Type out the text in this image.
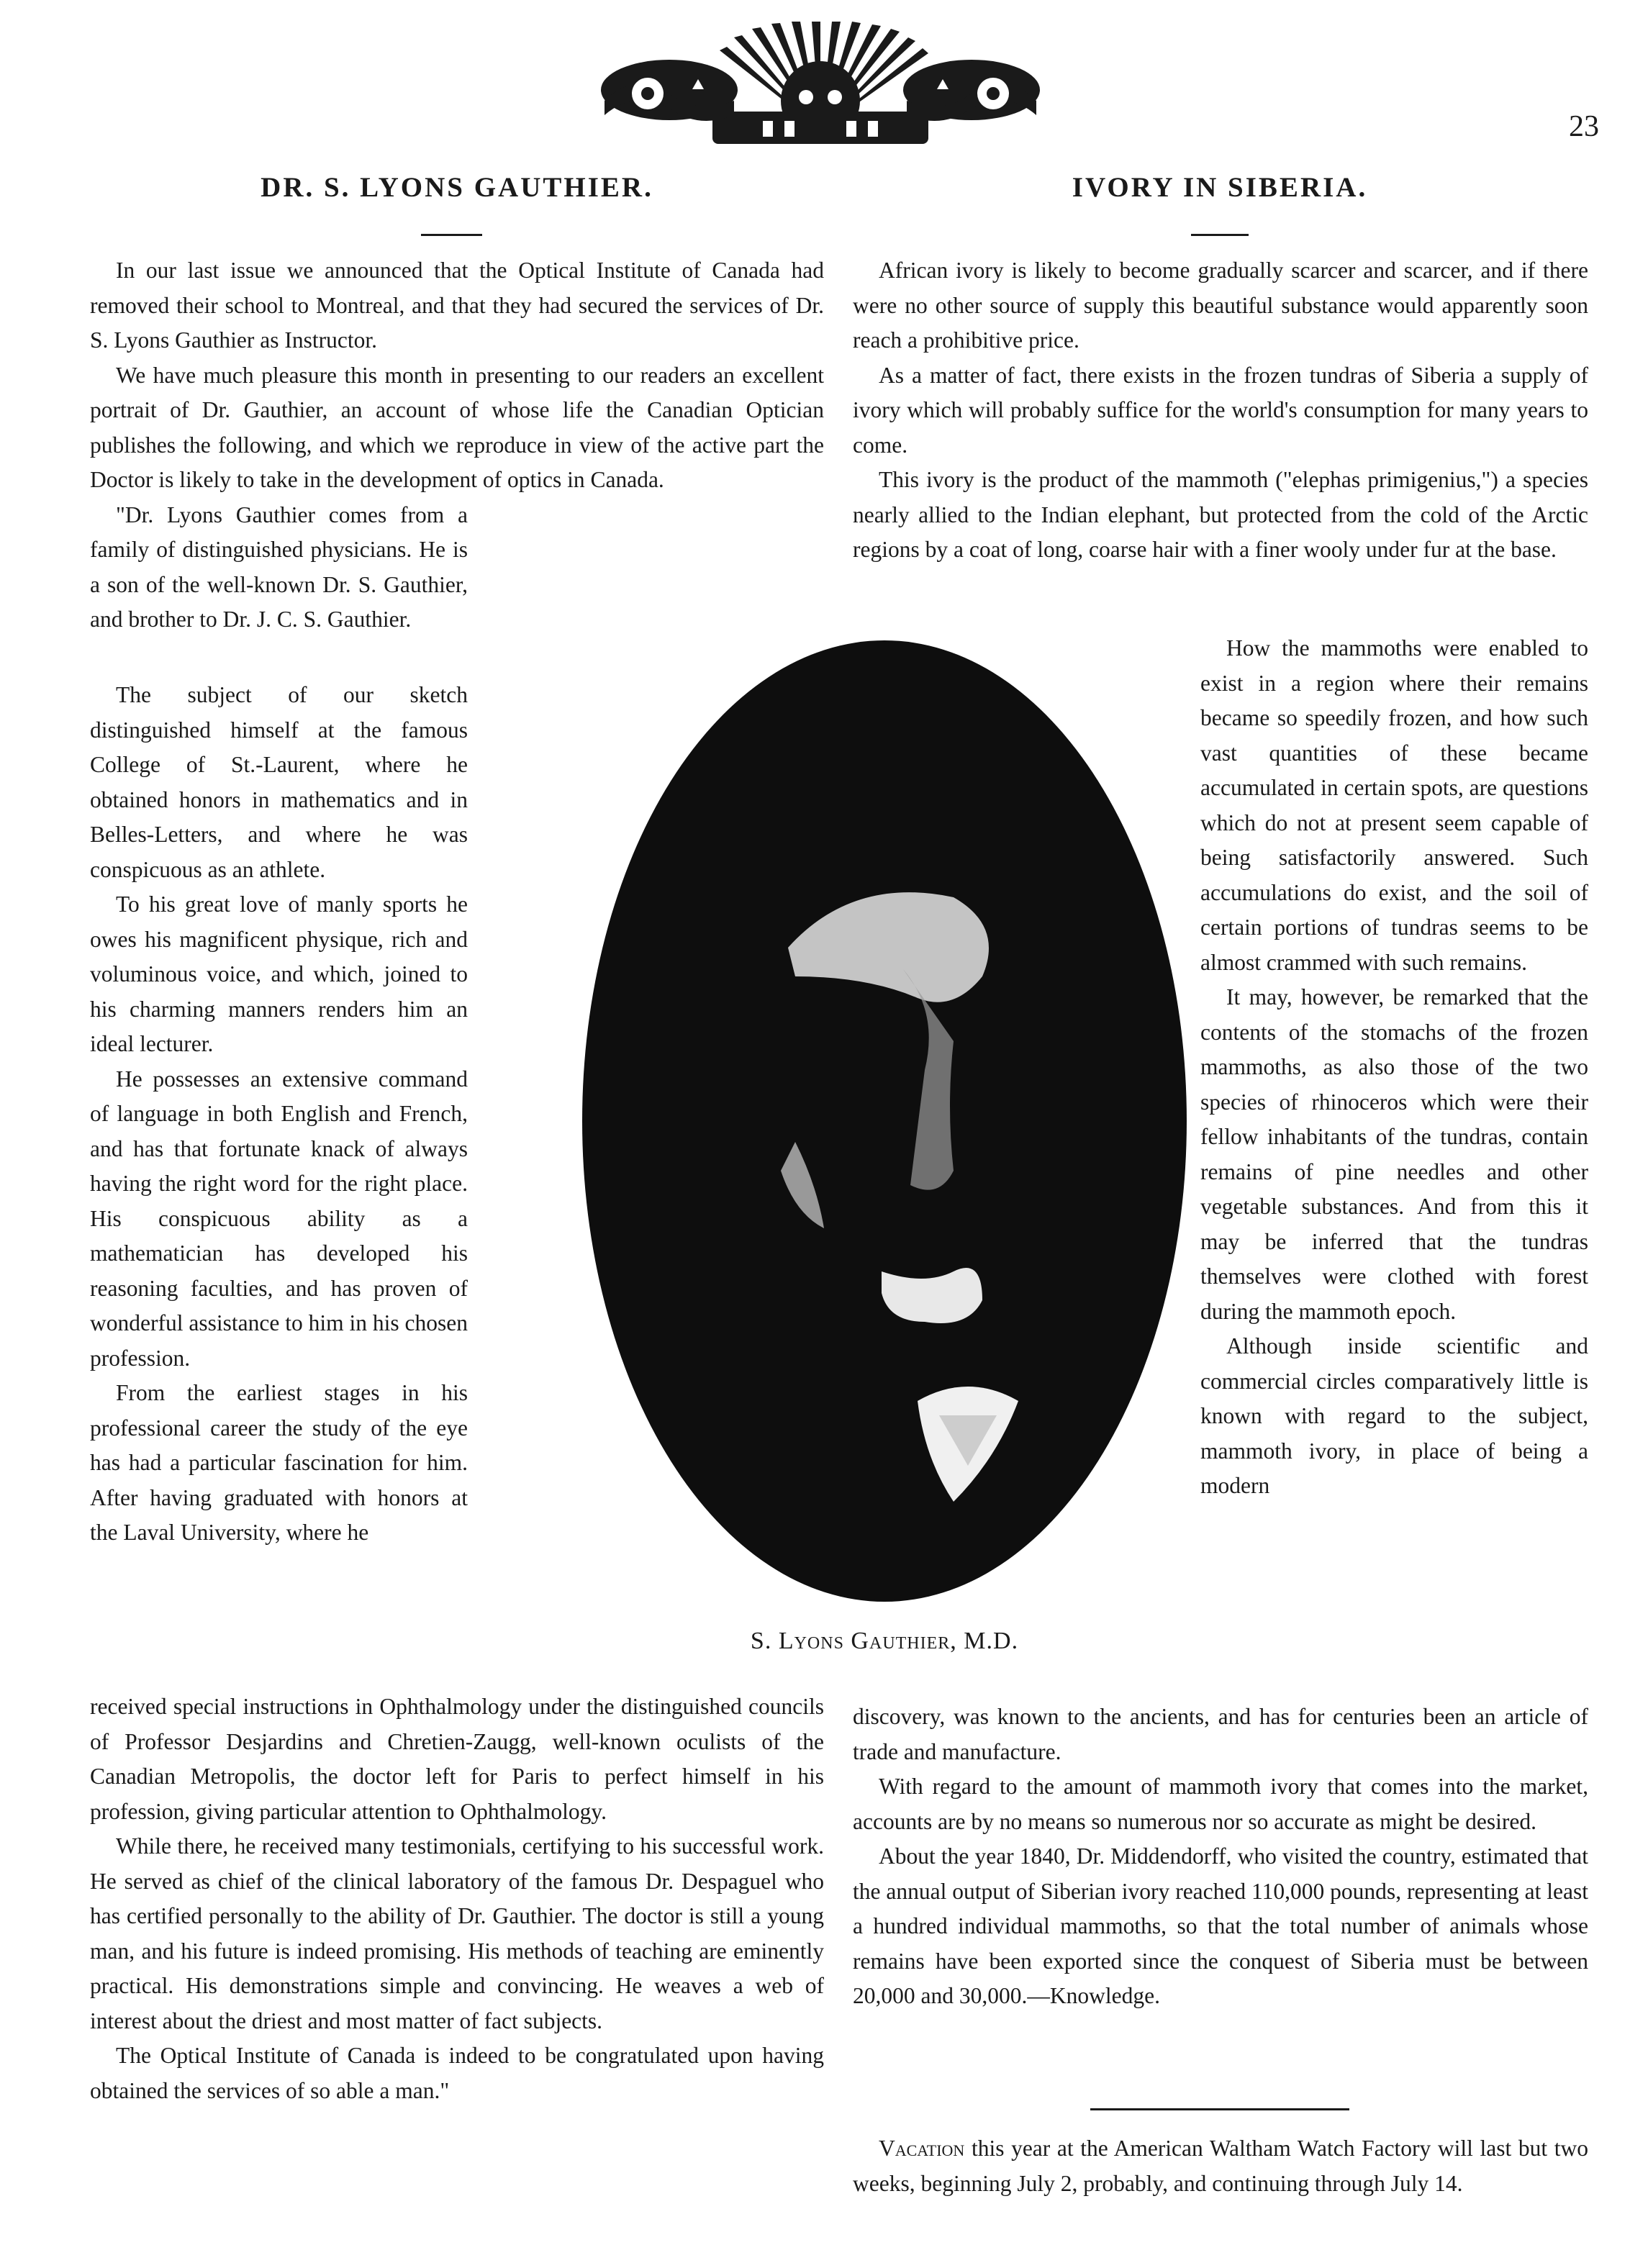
23
DR. S. LYONS GAUTHIER.

In our last issue we announced that the Optical Institute of Canada had removed their school to Montreal, and that they had secured the services of Dr. S. Lyons Gauthier as Instructor.

We have much pleasure this month in presenting to our readers an excellent portrait of Dr. Gauthier, an account of whose life the Canadian Optician publishes the following, and which we reproduce in view of the active part the Doctor is likely to take in the development of optics in Canada.

"Dr. Lyons Gauthier comes from a family of distinguished physicians. He is a son of the well-known Dr. S. Gauthier, and brother to Dr. J. C. S. Gauthier.

The subject of our sketch distinguished himself at the famous College of St.-Laurent, where he obtained honors in mathematics and in Belles-Letters, and where he was conspicuous as an athlete.

To his great love of manly sports he owes his magnificent physique, rich and voluminous voice, and which, joined to his charming manners renders him an ideal lecturer.

He possesses an extensive command of language in both English and French, and has that fortunate knack of always having the right word for the right place. His conspicuous ability as a mathematician has developed his reasoning faculties, and has proven of wonderful assistance to him in his chosen profession.

From the earliest stages in his professional career the study of the eye has had a particular fascination for him. After having graduated with honors at the Laval University, where he

received special instructions in Ophthalmology under the distinguished councils of Professor Desjardins and Chretien-Zaugg, well-known oculists of the Canadian Metropolis, the doctor left for Paris to perfect himself in his profession, giving particular attention to Ophthalmology.

While there, he received many testimonials, certifying to his successful work. He served as chief of the clinical laboratory of the famous Dr. Despaguel who has certified personally to the ability of Dr. Gauthier. The doctor is still a young man, and his future is indeed promising. His methods of teaching are eminently practical. His demonstrations simple and convincing. He weaves a web of interest about the driest and most matter of fact subjects.

The Optical Institute of Canada is indeed to be congratulated upon having obtained the services of so able a man."

S. Lyons Gauthier, M.D.
IVORY IN SIBERIA.

African ivory is likely to become gradually scarcer and scarcer, and if there were no other source of supply this beautiful substance would apparently soon reach a prohibitive price.

As a matter of fact, there exists in the frozen tundras of Siberia a supply of ivory which will probably suffice for the world's consumption for many years to come.

This ivory is the product of the mammoth ("elephas primigenius,") a species nearly allied to the Indian elephant, but protected from the cold of the Arctic regions by a coat of long, coarse hair with a finer wooly under fur at the base.

How the mammoths were enabled to exist in a region where their remains became so speedily frozen, and how such vast quantities of these became accumulated in certain spots, are questions which do not at present seem capable of being satisfactorily answered. Such accumulations do exist, and the soil of certain portions of tundras seems to be almost crammed with such remains.

It may, however, be remarked that the contents of the stomachs of the frozen mammoths, as also those of the two species of rhinoceros which were their fellow inhabitants of the tundras, contain remains of pine needles and other vegetable substances. And from this it may be inferred that the tundras themselves were clothed with forest during the mammoth epoch.

Although inside scientific and commercial circles comparatively little is known with regard to the subject, mammoth ivory, in place of being a modern

discovery, was known to the ancients, and has for centuries been an article of trade and manufacture.

With regard to the amount of mammoth ivory that comes into the market, accounts are by no means so numerous nor so accurate as might be desired.

About the year 1840, Dr. Middendorff, who visited the country, estimated that the annual output of Siberian ivory reached 110,000 pounds, representing at least a hundred individual mammoths, so that the total number of animals whose remains have been exported since the conquest of Siberia must be between 20,000 and 30,000.—Knowledge.

Vacation this year at the American Waltham Watch Factory will last but two weeks, beginning July 2, probably, and continuing through July 14.
